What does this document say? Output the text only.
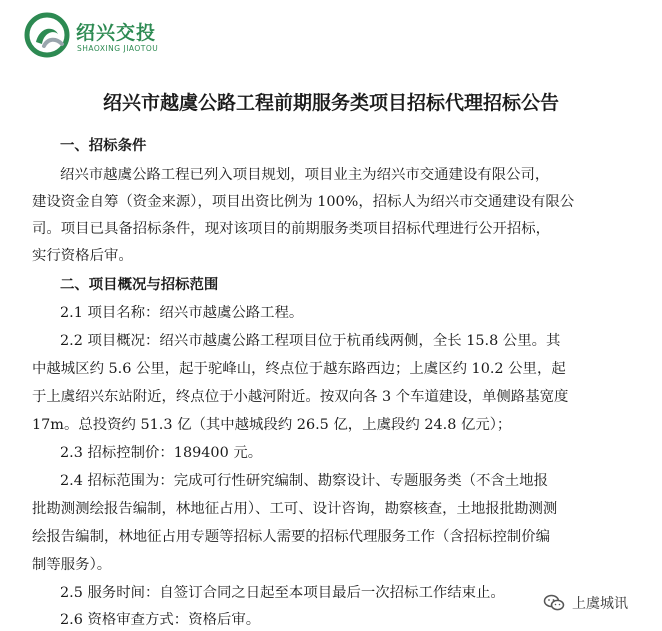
绍兴交投
SHAOXING JIAOTOU
绍兴市越虞公路工程前期服务类项目招标代理招标公告
一、招标条件
绍兴市越虞公路工程已列入项目规划，项目业主为绍兴市交通建设有限公司，
建设资金自筹（资金来源），项目出资比例为 100%，招标人为绍兴市交通建设有限公
司。项目已具备招标条件，现对该项目的前期服务类项目招标代理进行公开招标，
实行资格后审。
二、项目概况与招标范围
2.1 项目名称：绍兴市越虞公路工程。
2.2 项目概况：绍兴市越虞公路工程项目位于杭甬线两侧，全长 15.8 公里。其
中越城区约 5.6 公里，起于驼峰山，终点位于越东路西边；上虞区约 10.2 公里，起
于上虞绍兴东站附近，终点位于小越河附近。按双向各 3 个车道建设，单侧路基宽度
17m。总投资约 51.3 亿（其中越城段约 26.5 亿，上虞段约 24.8 亿元）；
2.3 招标控制价：189400 元。
2.4 招标范围为：完成可行性研究编制、勘察设计、专题服务类（不含土地报
批勘测测绘报告编制，林地征占用）、工可、设计咨询，勘察核查，土地报批勘测测
绘报告编制，林地征占用专题等招标人需要的招标代理服务工作（含招标控制价编
制等服务）。
2.5 服务时间：自签订合同之日起至本项目最后一次招标工作结束止。
2.6 资格审查方式：资格后审。
上虞城讯
